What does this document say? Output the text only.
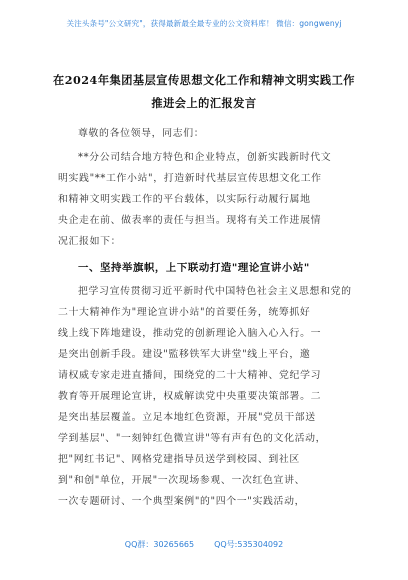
关注头条号"公文研究"，获得最新最全最专业的公文资料库！ 微信：gongwenyj
在2024年集团基层宣传思想文化工作和精神文明实践工作
推进会上的汇报发言
尊敬的各位领导，同志们：
**分公司结合地方特色和企业特点，创新实践新时代文
明实践"**工作小站"，打造新时代基层宣传思想文化工作
和精神文明实践工作的平台载体，以实际行动履行属地
央企走在前、做表率的责任与担当。现将有关工作进展情
况汇报如下：
一、坚持举旗帜，上下联动打造"理论宣讲小站"
把学习宣传贯彻习近平新时代中国特色社会主义思想和党的
二十大精神作为"理论宣讲小站"的首要任务，统筹抓好
线上线下阵地建设，推动党的创新理论入脑入心入行。一
是突出创新手段。建设"監移铁军大讲堂"线上平台，邀
请权威专家走进直播间，围绕党的二十大精神、党纪学习
教育等开展理论宣讲，权威解读党中央重要决策部署。二
是突出基层覆盖。立足本地红色资源，开展"党员干部送
学到基层"、"一刻钟红色微宣讲"等有声有色的文化活动，
把"网红书记"、网格党建指导员送学到校园、到社区
到"和创"单位，开展"一次现场参观、一次红色宣讲、
一次专题研讨、一个典型案例"的"四个一"实践活动，
QQ群：30265665	QQ号:535304092
